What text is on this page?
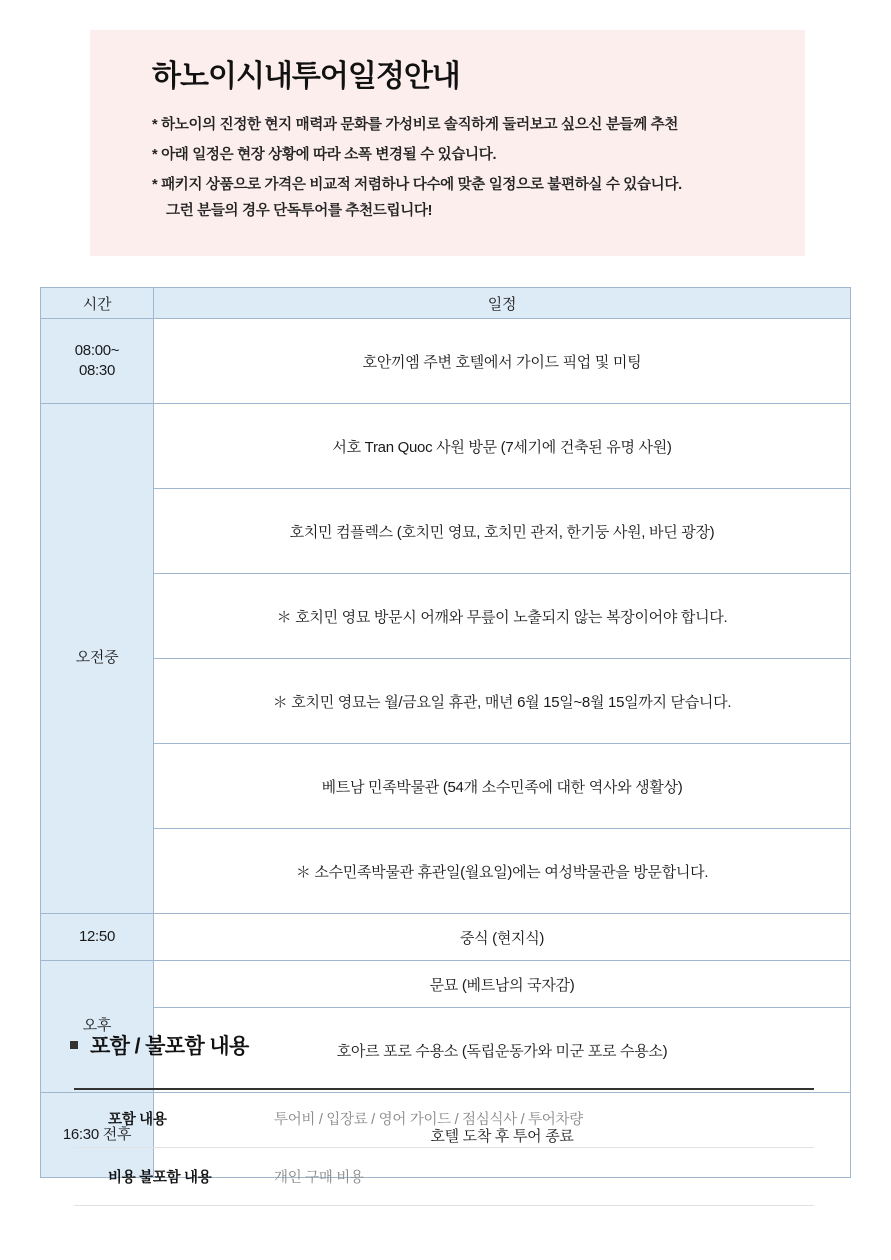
하노이시내투어일정안내
* 하노이의 진정한 현지 매력과 문화를 가성비로 솔직하게 둘러보고 싶으신 분들께 추천
* 아래 일정은 현장 상황에 따라 소폭 변경될 수 있습니다.
* 패키지 상품으로 가격은 비교적 저렴하나 다수에 맞춘 일정으로 불편하실 수 있습니다.
그런 분들의 경우 단독투어를 추천드립니다!
시간	일정

08:00~
08:30	호안끼엠 주변 호텔에서 가이드 픽업 및 미팅
오전중	서호 Tran Quoc 사원 방문 (7세기에 건축된 유명 사원)
	호치민 컴플렉스 (호치민 영묘, 호치민 관저, 한기둥 사원, 바딘 광장)
	＊ 호치민 영묘 방문시 어깨와 무릎이 노출되지 않는 복장이어야 합니다.
	＊ 호치민 영묘는 월/금요일 휴관, 매년 6월 15일~8월 15일까지 닫습니다.
	베트남 민족박물관 (54개 소수민족에 대한 역사와 생활상)
	＊ 소수민족박물관 휴관일(월요일)에는 여성박물관을 방문합니다.
12:50	중식 (현지식)
오후	문묘 (베트남의 국자감)
	호아르 포로 수용소 (독립운동가와 미군 포로 수용소)
16:30 전후	호텔 도착 후 투어 종료
포함 / 불포함 내용
포함 내용	투어비 / 입장료 / 영어 가이드 / 점심식사 / 투어차량
비용 불포함 내용	개인 구매 비용
